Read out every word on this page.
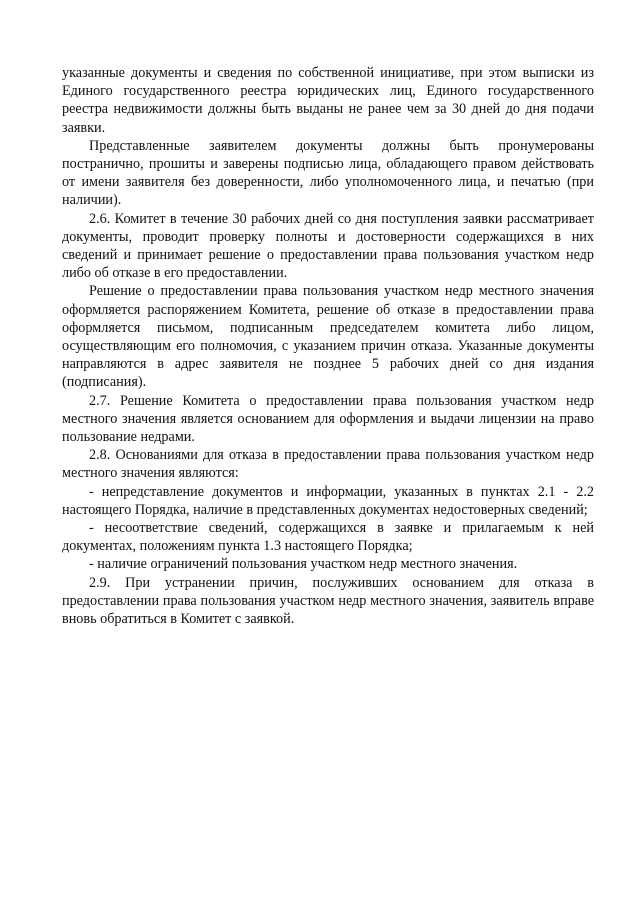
указанные документы и сведения по собственной инициативе, при этом выписки из Единого государственного реестра юридических лиц, Единого государственного реестра недвижимости должны быть выданы не ранее чем за 30 дней до дня подачи заявки.

Представленные заявителем документы должны быть пронумерованы постранично, прошиты и заверены подписью лица, обладающего правом действовать от имени заявителя без доверенности, либо уполномоченного лица, и печатью (при наличии).

2.6. Комитет в течение 30 рабочих дней со дня поступления заявки рассматривает документы, проводит проверку полноты и достоверности содержащихся в них сведений и принимает решение о предоставлении права пользования участком недр либо об отказе в его предоставлении.

Решение о предоставлении права пользования участком недр местного значения оформляется распоряжением Комитета, решение об отказе в предоставлении права оформляется письмом, подписанным председателем комитета либо лицом, осуществляющим его полномочия, с указанием причин отказа. Указанные документы направляются в адрес заявителя не позднее 5 рабочих дней со дня издания (подписания).

2.7. Решение Комитета о предоставлении права пользования участком недр местного значения является основанием для оформления и выдачи лицензии на право пользование недрами.

2.8. Основаниями для отказа в предоставлении права пользования участком недр местного значения являются:

- непредставление документов и информации, указанных в пунктах 2.1 - 2.2 настоящего Порядка, наличие в представленных документах недостоверных сведений;

- несоответствие сведений, содержащихся в заявке и прилагаемым к ней документах, положениям пункта 1.3 настоящего Порядка;

- наличие ограничений пользования участком недр местного значения.

2.9. При устранении причин, послуживших основанием для отказа в предоставлении права пользования участком недр местного значения, заявитель вправе вновь обратиться в Комитет с заявкой.
